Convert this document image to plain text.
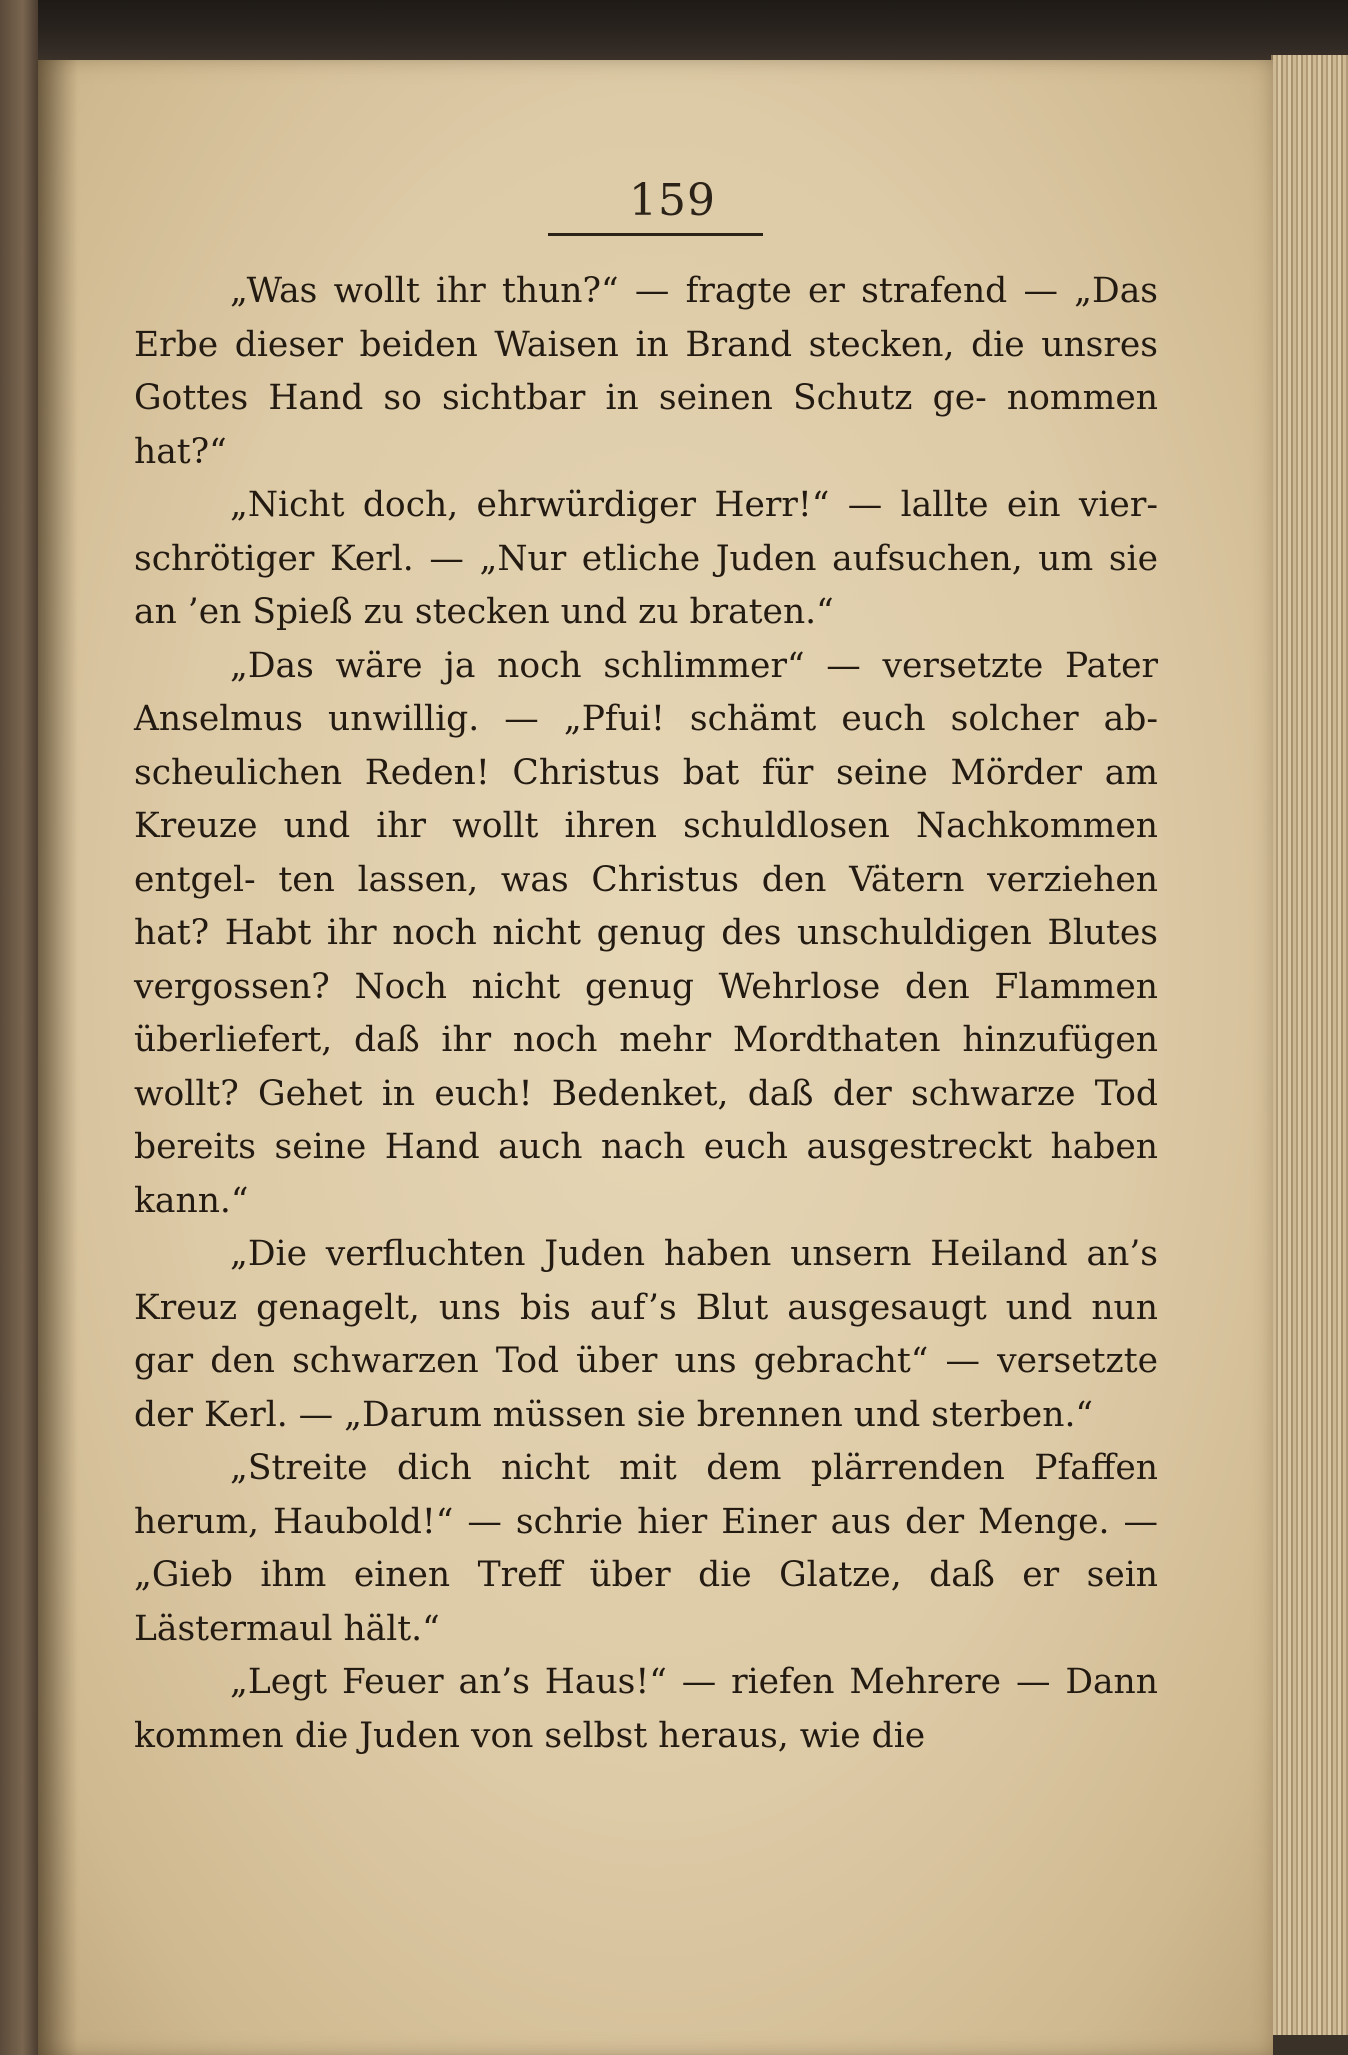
159

„Was wollt ihr thun?“ — fragte er strafend — „Das Erbe dieser beiden Waisen in Brand stecken, die unsres Gottes Hand so sichtbar in seinen Schutz ge- nommen hat?“

„Nicht doch, ehrwürdiger Herr!“ — lallte ein vier- schrötiger Kerl. — „Nur etliche Juden aufsuchen, um sie an ’en Spieß zu stecken und zu braten.“

„Das wäre ja noch schlimmer“ — versetzte Pater Anselmus unwillig. — „Pfui! schämt euch solcher ab- scheulichen Reden! Christus bat für seine Mörder am Kreuze und ihr wollt ihren schuldlosen Nachkommen entgel- ten lassen, was Christus den Vätern verziehen hat? Habt ihr noch nicht genug des unschuldigen Blutes vergossen? Noch nicht genug Wehrlose den Flammen überliefert, daß ihr noch mehr Mordthaten hinzufügen wollt? Gehet in euch! Bedenket, daß der schwarze Tod bereits seine Hand auch nach euch ausgestreckt haben kann.“

„Die verfluchten Juden haben unsern Heiland an’s Kreuz genagelt, uns bis auf’s Blut ausgesaugt und nun gar den schwarzen Tod über uns gebracht“ — versetzte der Kerl. — „Darum müssen sie brennen und sterben.“

„Streite dich nicht mit dem plärrenden Pfaffen herum, Haubold!“ — schrie hier Einer aus der Menge. — „Gieb ihm einen Treff über die Glatze, daß er sein Lästermaul hält.“

„Legt Feuer an’s Haus!“ — riefen Mehrere — Dann kommen die Juden von selbst heraus, wie die
